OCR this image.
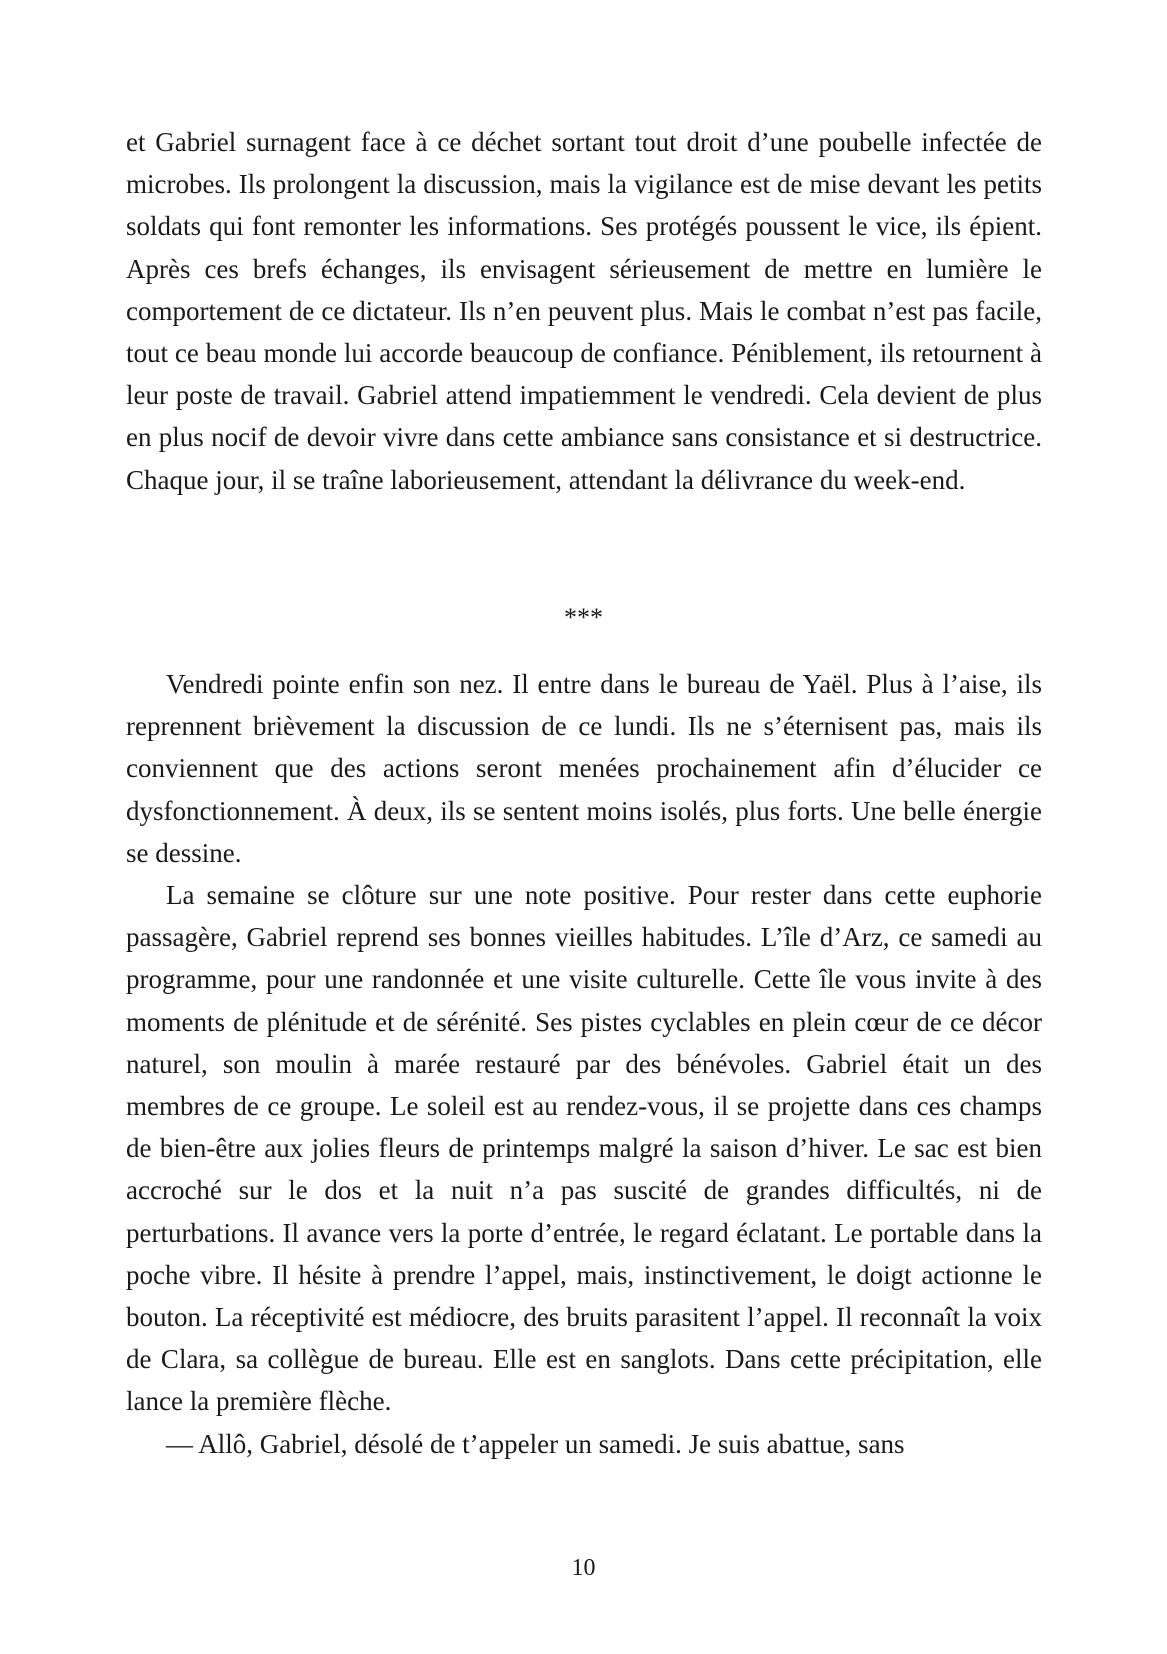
et Gabriel surnagent face à ce déchet sortant tout droit d’une poubelle infectée de microbes. Ils prolongent la discussion, mais la vigilance est de mise devant les petits soldats qui font remonter les informations. Ses protégés poussent le vice, ils épient. Après ces brefs échanges, ils envisagent sérieusement de mettre en lumière le comportement de ce dictateur. Ils n’en peuvent plus. Mais le combat n’est pas facile, tout ce beau monde lui accorde beaucoup de confiance. Péniblement, ils retournent à leur poste de travail. Gabriel attend impatiemment le vendredi. Cela devient de plus en plus nocif de devoir vivre dans cette ambiance sans consistance et si destructrice. Chaque jour, il se traîne laborieusement, attendant la délivrance du week-end.

***

Vendredi pointe enfin son nez. Il entre dans le bureau de Yaël. Plus à l’aise, ils reprennent brièvement la discussion de ce lundi. Ils ne s’éternisent pas, mais ils conviennent que des actions seront menées prochainement afin d’élucider ce dysfonctionnement. À deux, ils se sentent moins isolés, plus forts. Une belle énergie se dessine.

La semaine se clôture sur une note positive. Pour rester dans cette euphorie passagère, Gabriel reprend ses bonnes vieilles habitudes. L’île d’Arz, ce samedi au programme, pour une randonnée et une visite culturelle. Cette île vous invite à des moments de plénitude et de sérénité. Ses pistes cyclables en plein cœur de ce décor naturel, son moulin à marée restauré par des bénévoles. Gabriel était un des membres de ce groupe. Le soleil est au rendez-vous, il se projette dans ces champs de bien-être aux jolies fleurs de printemps malgré la saison d’hiver. Le sac est bien accroché sur le dos et la nuit n’a pas suscité de grandes difficultés, ni de perturbations. Il avance vers la porte d’entrée, le regard éclatant. Le portable dans la poche vibre. Il hésite à prendre l’appel, mais, instinctivement, le doigt actionne le bouton. La réceptivité est médiocre, des bruits parasitent l’appel. Il reconnaît la voix de Clara, sa collègue de bureau. Elle est en sanglots. Dans cette précipitation, elle lance la première flèche.

— Allô, Gabriel, désolé de t’appeler un samedi. Je suis abattue, sans

10
